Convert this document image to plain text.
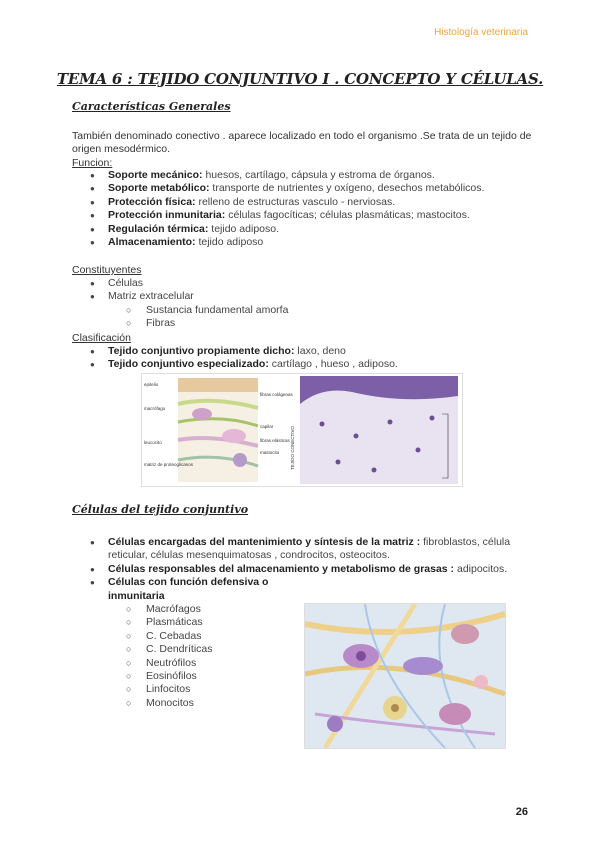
Histología veterinaria
TEMA 6 : TEJIDO CONJUNTIVO I . CONCEPTO Y CÉLULAS.
Características Generales
También denominado conectivo . aparece localizado en todo el organismo .Se trata de un tejido de origen mesodérmico.
Funcion:
● Soporte mecánico: huesos, cartílago, cápsula y estroma de órganos.
● Soporte metabólico: transporte de nutrientes y oxígeno, desechos metabólicos.
● Protección física: relleno de estructuras vasculo - nerviosas.
● Protección inmunitaria: células fagocíticas; células plasmáticas; mastocitos.
● Regulación térmica: tejido adiposo.
● Almacenamiento: tejido adiposo
Constituyentes
● Células
● Matriz extracelular
○ Sustancia fundamental amorfa
○ Fibras
Clasificación
● Tejido conjuntivo propiamente dicho: laxo, deno
● Tejido conjuntivo especializado: cartílago , hueso , adiposo.
epitelio
macrófago
leucocito
matriz de proteoglicanos
fibras colágenas
capilar
fibras elásticas
mastocito TEJIDO CONECTIVO
Células del tejido conjuntivo
● Células encargadas del mantenimiento y síntesis de la matriz : fibroblastos, célula reticular, células mesenquimatosas , condrocitos, osteocitos.
● Células responsables del almacenamiento y metabolismo de grasas : adipocitos.
● Células con función defensiva o inmunitaria
○ Macrófagos
○ Plasmáticas
○ C. Cebadas
○ C. Dendríticas
○ Neutrófilos
○ Eosinófilos
○ Linfocitos
○ Monocitos
26
